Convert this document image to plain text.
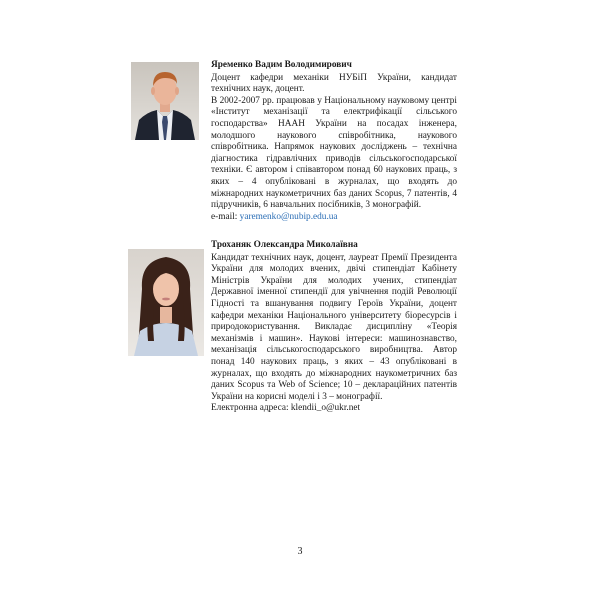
Яременко Вадим Володимирович

Доцент кафедри механіки НУБіП України, кандидат технічних наук, доцент.

В 2002-2007 рр. працював у Національному науковому центрі «Інститут механізації та електрифікації сільського господарства» НААН України на посадах інженера, молодшого наукового співробітника, наукового співробітника. Напрямок наукових досліджень – технічна діагностика гідравлічних приводів сільськогосподарської техніки. Є автором і співавтором понад 60 наукових праць, з яких – 4 опубліковані в журналах, що входять до міжнародних наукометричних баз даних Scopus, 7 патентів, 4 підручників, 6 навчальних посібників, 3 монографій.

e-mail: yaremenko@nubip.edu.ua

Троханяк Олександра Миколаївна

Кандидат технічних наук, доцент, лауреат Премії Президента України для молодих вчених, двічі стипендіат Кабінету Міністрів України для молодих учених, стипендіат Державної іменної стипендії для увічнення подій Революції Гідності та вшанування подвигу Героїв України, доцент кафедри механіки Національного університету біоресурсів і природокористування. Викладає дисципліну «Теорія механізмів і машин». Наукові інтереси: машинознавство, механізація сільськогосподарського виробництва. Автор понад 140 наукових праць, з яких – 43 опубліковані в журналах, що входять до міжнародних наукометричних баз даних Scopus та Web of Science; 10 – деклараційних патентів України на корисні моделі і 3 – монографії.

Електронна адреса: klendii_o@ukr.net

3
